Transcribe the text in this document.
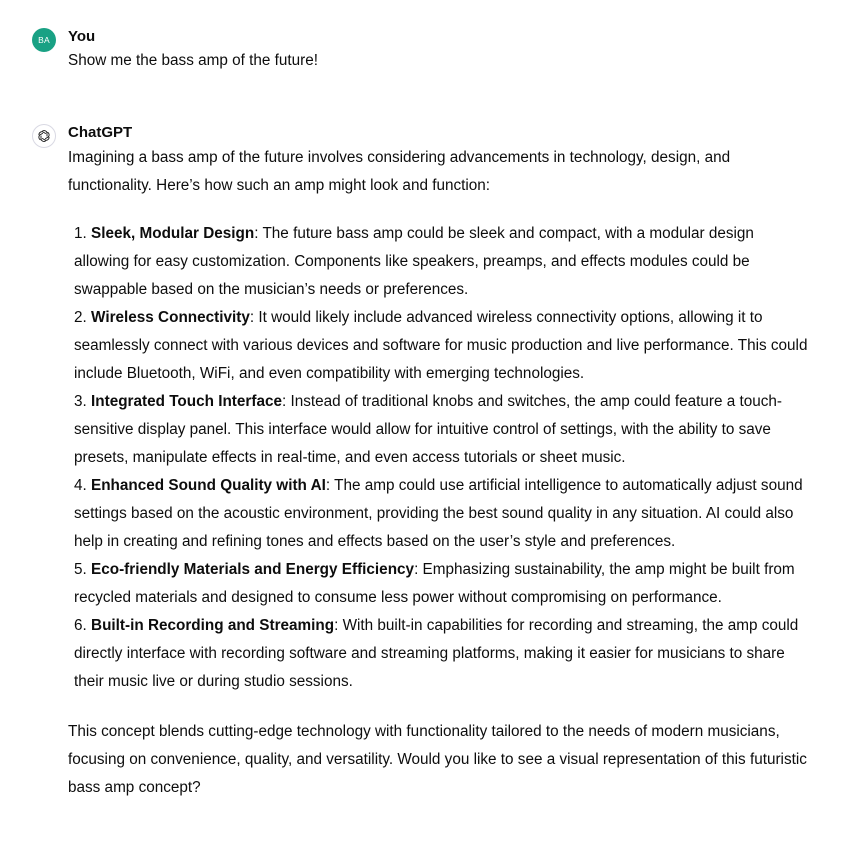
BA You

Show me the bass amp of the future!

ChatGPT

Imagining a bass amp of the future involves considering advancements in technology, design, and functionality. Here’s how such an amp might look and function:

1. Sleek, Modular Design: The future bass amp could be sleek and compact, with a modular design allowing for easy customization. Components like speakers, preamps, and effects modules could be swappable based on the musician’s needs or preferences.
2. Wireless Connectivity: It would likely include advanced wireless connectivity options, allowing it to seamlessly connect with various devices and software for music production and live performance. This could include Bluetooth, WiFi, and even compatibility with emerging technologies.
3. Integrated Touch Interface: Instead of traditional knobs and switches, the amp could feature a touch-sensitive display panel. This interface would allow for intuitive control of settings, with the ability to save presets, manipulate effects in real-time, and even access tutorials or sheet music.
4. Enhanced Sound Quality with AI: The amp could use artificial intelligence to automatically adjust sound settings based on the acoustic environment, providing the best sound quality in any situation. AI could also help in creating and refining tones and effects based on the user’s style and preferences.
5. Eco-friendly Materials and Energy Efficiency: Emphasizing sustainability, the amp might be built from recycled materials and designed to consume less power without compromising on performance.
6. Built-in Recording and Streaming: With built-in capabilities for recording and streaming, the amp could directly interface with recording software and streaming platforms, making it easier for musicians to share their music live or during studio sessions.

This concept blends cutting-edge technology with functionality tailored to the needs of modern musicians, focusing on convenience, quality, and versatility. Would you like to see a visual representation of this futuristic bass amp concept?
